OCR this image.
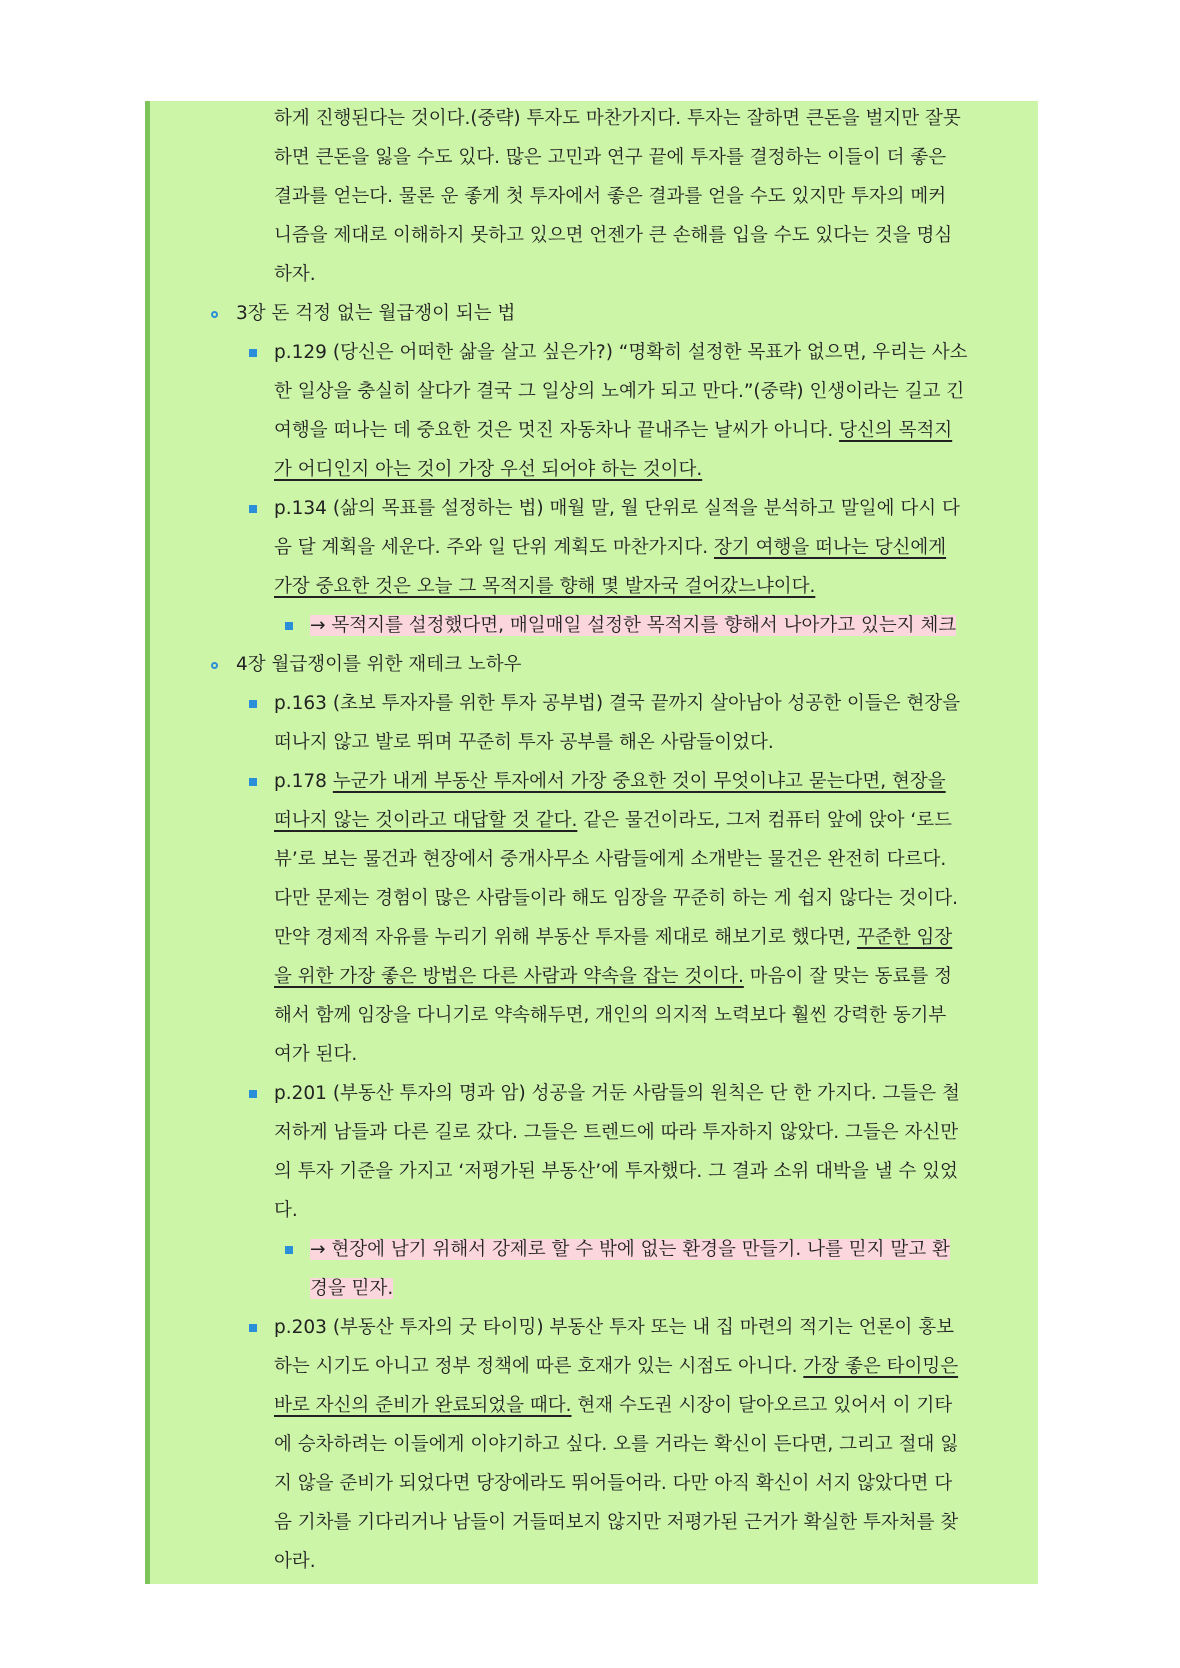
하게 진행된다는 것이다.(중략) 투자도 마찬가지다. 투자는 잘하면 큰돈을 벌지만 잘못
하면 큰돈을 잃을 수도 있다. 많은 고민과 연구 끝에 투자를 결정하는 이들이 더 좋은
결과를 얻는다. 물론 운 좋게 첫 투자에서 좋은 결과를 얻을 수도 있지만 투자의 메커
니즘을 제대로 이해하지 못하고 있으면 언젠가 큰 손해를 입을 수도 있다는 것을 명심
하자.
3장 돈 걱정 없는 월급쟁이 되는 법
p.129 (당신은 어떠한 삶을 살고 싶은가?) “명확히 설정한 목표가 없으면, 우리는 사소
한 일상을 충실히 살다가 결국 그 일상의 노예가 되고 만다.”(중략) 인생이라는 길고 긴
여행을 떠나는 데 중요한 것은 멋진 자동차나 끝내주는 날씨가 아니다. 당신의 목적지
가 어디인지 아는 것이 가장 우선 되어야 하는 것이다.
p.134 (삶의 목표를 설정하는 법) 매월 말, 월 단위로 실적을 분석하고 말일에 다시 다
음 달 계획을 세운다. 주와 일 단위 계획도 마찬가지다. 장기 여행을 떠나는 당신에게
가장 중요한 것은 오늘 그 목적지를 향해 몇 발자국 걸어갔느냐이다.
→ 목적지를 설정했다면, 매일매일 설정한 목적지를 향해서 나아가고 있는지 체크
4장 월급쟁이를 위한 재테크 노하우
p.163 (초보 투자자를 위한 투자 공부법) 결국 끝까지 살아남아 성공한 이들은 현장을
떠나지 않고 발로 뛰며 꾸준히 투자 공부를 해온 사람들이었다.
p.178 누군가 내게 부동산 투자에서 가장 중요한 것이 무엇이냐고 묻는다면, 현장을
떠나지 않는 것이라고 대답할 것 같다. 같은 물건이라도, 그저 컴퓨터 앞에 앉아 ‘로드
뷰’로 보는 물건과 현장에서 중개사무소 사람들에게 소개받는 물건은 완전히 다르다.
다만 문제는 경험이 많은 사람들이라 해도 임장을 꾸준히 하는 게 쉽지 않다는 것이다.
만약 경제적 자유를 누리기 위해 부동산 투자를 제대로 해보기로 했다면, 꾸준한 임장
을 위한 가장 좋은 방법은 다른 사람과 약속을 잡는 것이다. 마음이 잘 맞는 동료를 정
해서 함께 임장을 다니기로 약속해두면, 개인의 의지적 노력보다 훨씬 강력한 동기부
여가 된다.
p.201 (부동산 투자의 명과 암) 성공을 거둔 사람들의 원칙은 단 한 가지다. 그들은 철
저하게 남들과 다른 길로 갔다. 그들은 트렌드에 따라 투자하지 않았다. 그들은 자신만
의 투자 기준을 가지고 ‘저평가된 부동산’에 투자했다. 그 결과 소위 대박을 낼 수 있었
다.
→ 현장에 남기 위해서 강제로 할 수 밖에 없는 환경을 만들기. 나를 믿지 말고 환
경을 믿자.
p.203 (부동산 투자의 굿 타이밍) 부동산 투자 또는 내 집 마련의 적기는 언론이 홍보
하는 시기도 아니고 정부 정책에 따른 호재가 있는 시점도 아니다. 가장 좋은 타이밍은
바로 자신의 준비가 완료되었을 때다. 현재 수도권 시장이 달아오르고 있어서 이 기타
에 승차하려는 이들에게 이야기하고 싶다. 오를 거라는 확신이 든다면, 그리고 절대 잃
지 않을 준비가 되었다면 당장에라도 뛰어들어라. 다만 아직 확신이 서지 않았다면 다
음 기차를 기다리거나 남들이 거들떠보지 않지만 저평가된 근거가 확실한 투자처를 찾
아라.
